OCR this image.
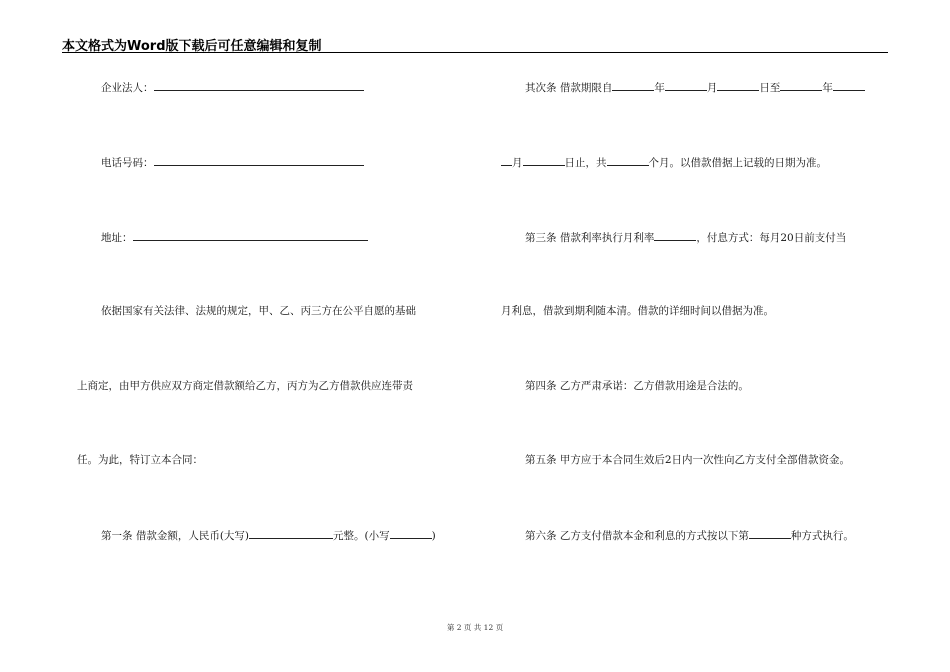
本文格式为Word版下载后可任意编辑和复制
企业法人：
电话号码：
地址：
依据国家有关法律、法规的规定，甲、乙、丙三方在公平自愿的基础
上商定，由甲方供应双方商定借款额给乙方，丙方为乙方借款供应连带责
任。为此，特订立本合同：
第一条 借款金额，人民币(大写)	元整。(小写	)
其次条 借款期限自	年	月	日至	年
月	日止，共	个月。以借款借据上记载的日期为准。
第三条 借款利率执行月利率	，付息方式：每月20日前支付当
月利息，借款到期利随本清。借款的详细时间以借据为准。
第四条 乙方严肃承诺：乙方借款用途是合法的。
第五条 甲方应于本合同生效后2日内一次性向乙方支付全部借款资金。
第六条 乙方支付借款本金和利息的方式按以下第	种方式执行。
第 2 页 共 12 页
